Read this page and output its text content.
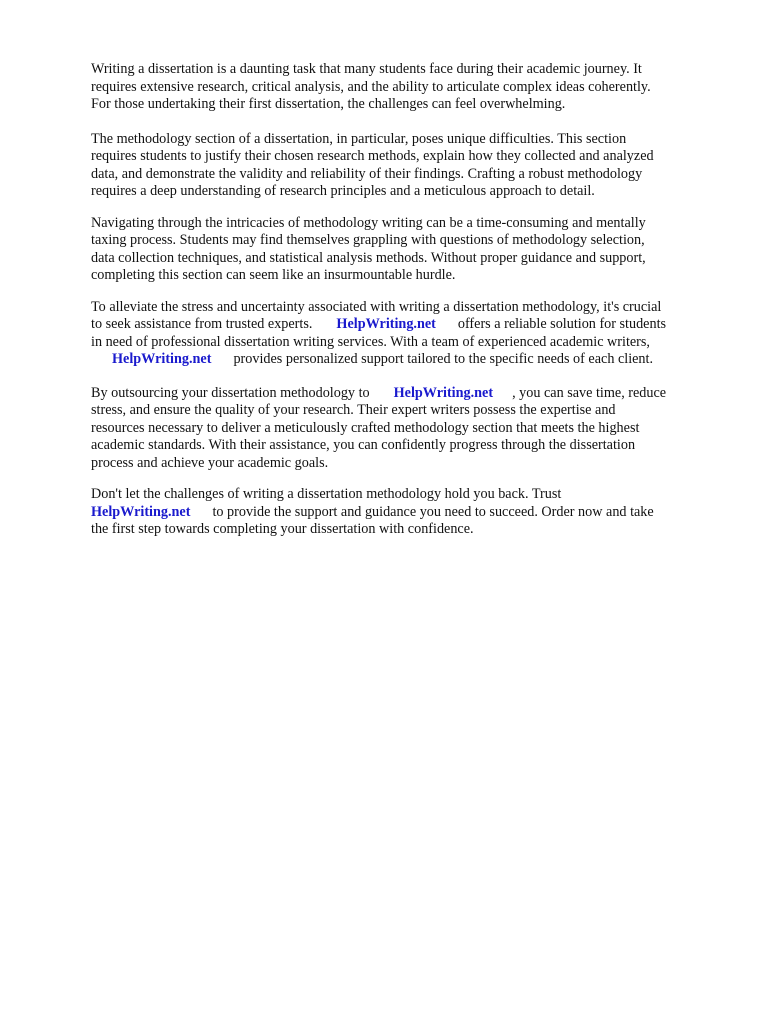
Writing a dissertation is a daunting task that many students face during their academic journey. It
requires extensive research, critical analysis, and the ability to articulate complex ideas coherently.
For those undertaking their first dissertation, the challenges can feel overwhelming.

The methodology section of a dissertation, in particular, poses unique difficulties. This section
requires students to justify their chosen research methods, explain how they collected and analyzed
data, and demonstrate the validity and reliability of their findings. Crafting a robust methodology
requires a deep understanding of research principles and a meticulous approach to detail.

Navigating through the intricacies of methodology writing can be a time-consuming and mentally
taxing process. Students may find themselves grappling with questions of methodology selection,
data collection techniques, and statistical analysis methods. Without proper guidance and support,
completing this section can seem like an insurmountable hurdle.

To alleviate the stress and uncertainty associated with writing a dissertation methodology, it's crucial
to seek assistance from trusted experts. HelpWriting.net offers a reliable solution for students
in need of professional dissertation writing services. With a team of experienced academic writers,
HelpWriting.net provides personalized support tailored to the specific needs of each client.

By outsourcing your dissertation methodology to HelpWriting.net , you can save time, reduce
stress, and ensure the quality of your research. Their expert writers possess the expertise and
resources necessary to deliver a meticulously crafted methodology section that meets the highest
academic standards. With their assistance, you can confidently progress through the dissertation
process and achieve your academic goals.

Don't let the challenges of writing a dissertation methodology hold you back. Trust
HelpWriting.net to provide the support and guidance you need to succeed. Order now and take
the first step towards completing your dissertation with confidence.
